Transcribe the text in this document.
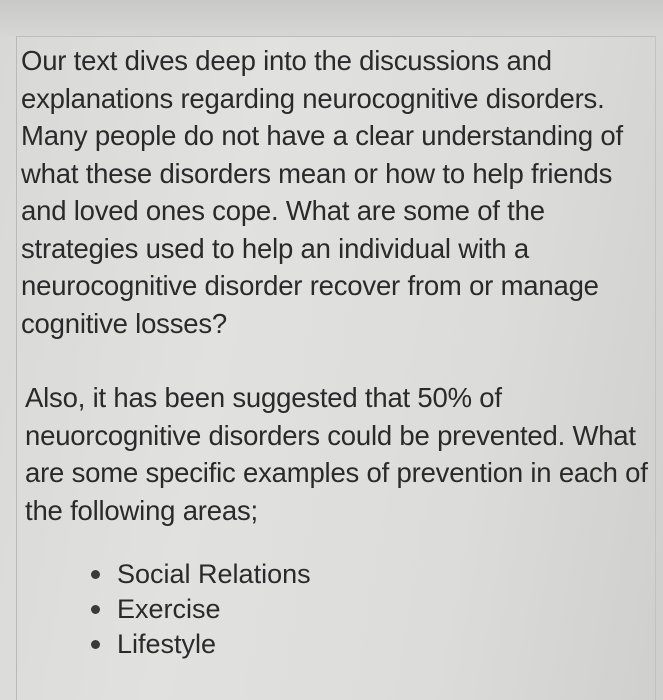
Our text dives deep into the discussions and explanations regarding neurocognitive disorders. Many people do not have a clear understanding of what these disorders mean or how to help friends and loved ones cope. What are some of the strategies used to help an individual with a neurocognitive disorder recover from or manage cognitive losses?

Also, it has been suggested that 50% of neuorcognitive disorders could be prevented. What are some specific examples of prevention in each of the following areas;

Social Relations
Exercise
Lifestyle
